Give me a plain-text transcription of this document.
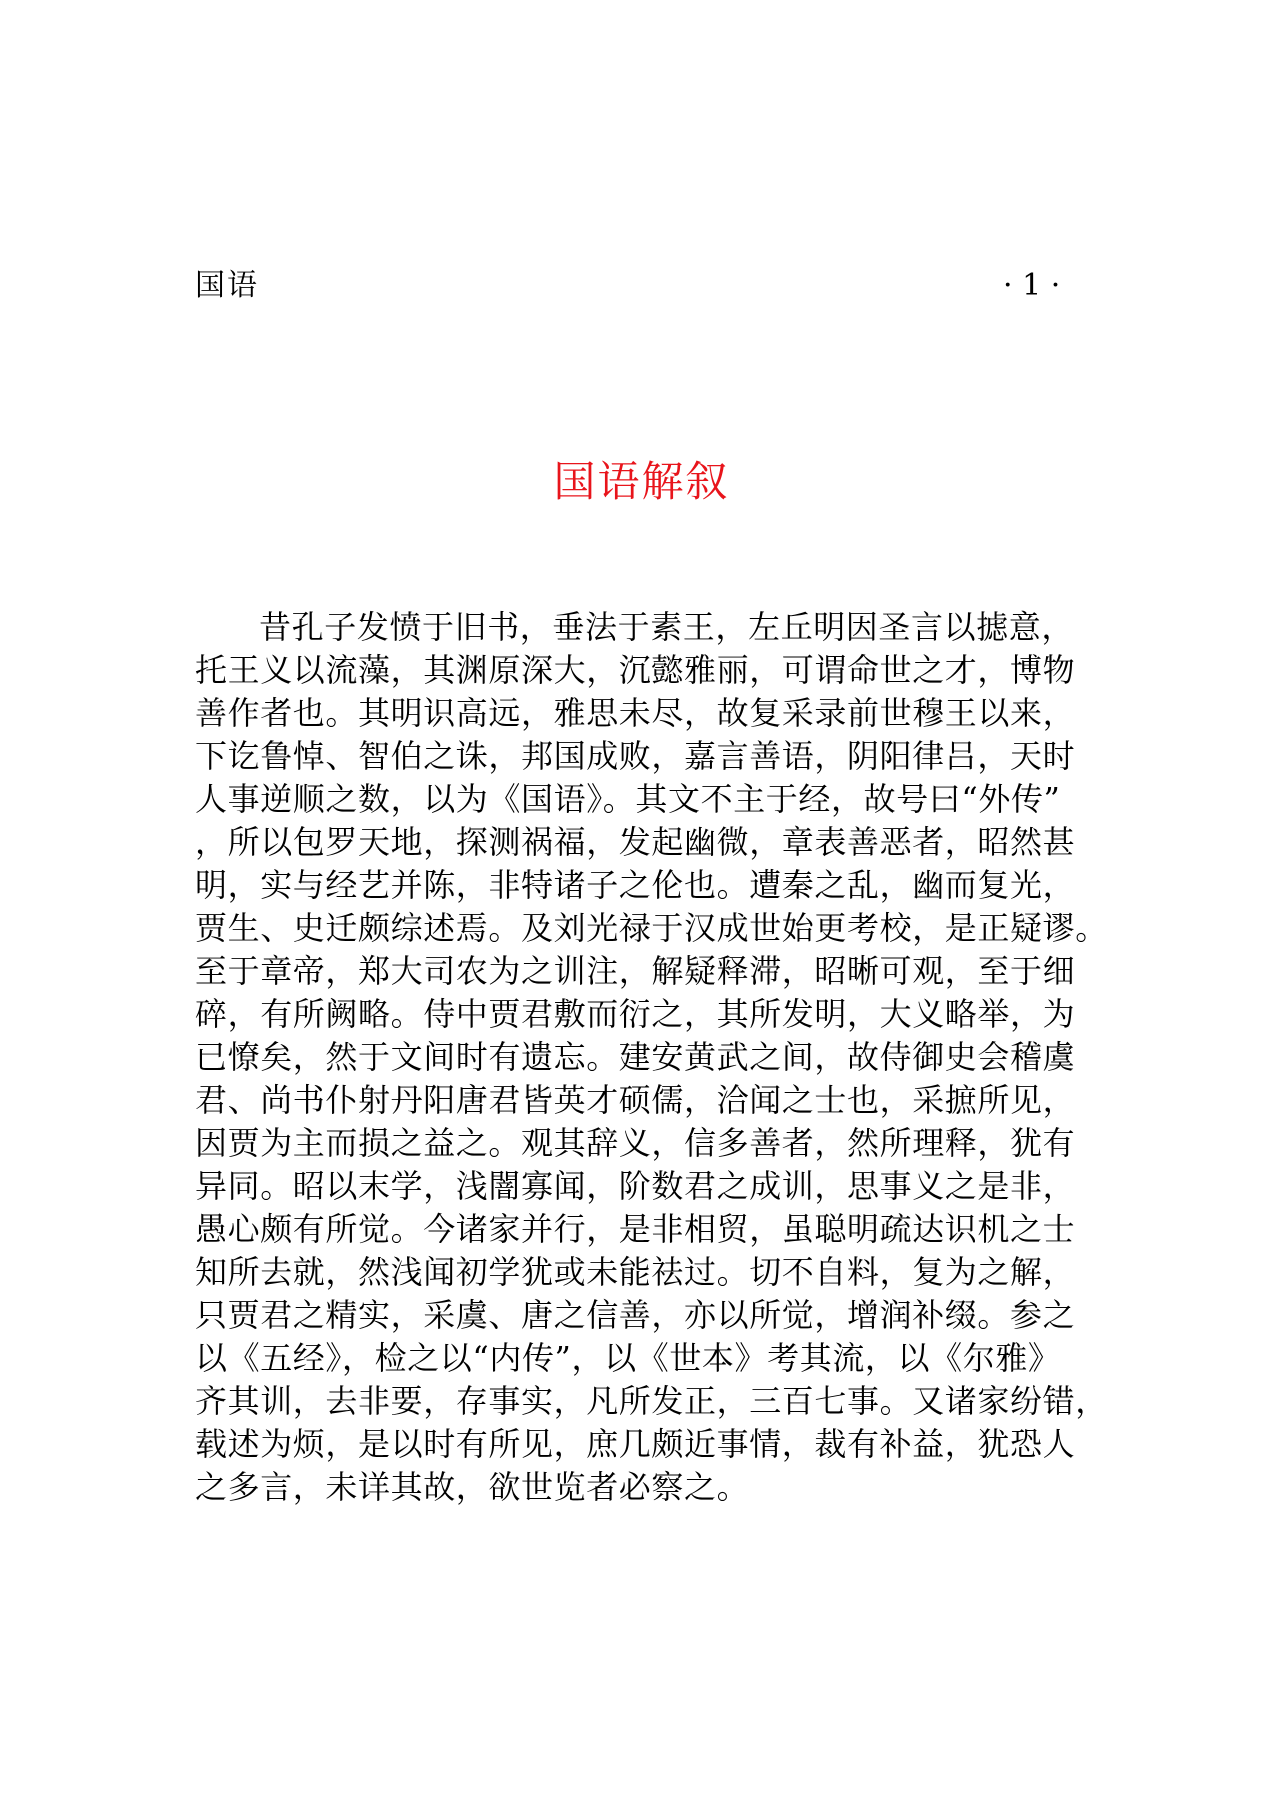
国语	· 1 ·
国语解叙
昔孔子发愤于旧书，垂法于素王，左丘明因圣言以摅意，
托王义以流藻，其渊原深大，沉懿雅丽，可谓命世之才，博物
善作者也。其明识高远，雅思未尽，故复采录前世穆王以来，
下讫鲁悼、智伯之诛，邦国成败，嘉言善语，阴阳律吕，天时
人事逆顺之数，以为《国语》。其文不主于经，故号曰“外传”
，所以包罗天地，探测祸福，发起幽微，章表善恶者，昭然甚
明，实与经艺并陈，非特诸子之伦也。遭秦之乱，幽而复光，
贾生、史迁颇综述焉。及刘光禄于汉成世始更考校，是正疑谬。
至于章帝，郑大司农为之训注，解疑释滞，昭晰可观，至于细
碎，有所阙略。侍中贾君敷而衍之，其所发明，大义略举，为
已憭矣，然于文间时有遗忘。建安黄武之间，故侍御史会稽虞
君、尚书仆射丹阳唐君皆英才硕儒，洽闻之士也，采摭所见，
因贾为主而损之益之。观其辞义，信多善者，然所理释，犹有
异同。昭以末学，浅闇寡闻，阶数君之成训，思事义之是非，
愚心颇有所觉。今诸家并行，是非相贸，虽聪明疏达识机之士
知所去就，然浅闻初学犹或未能祛过。切不自料，复为之解，
只贾君之精实，采虞、唐之信善，亦以所觉，增润补缀。参之
以《五经》，检之以“内传”，以《世本》考其流，以《尔雅》
齐其训，去非要，存事实，凡所发正，三百七事。又诸家纷错，
载述为烦，是以时有所见，庶几颇近事情，裁有补益，犹恐人
之多言，未详其故，欲世览者必察之。
